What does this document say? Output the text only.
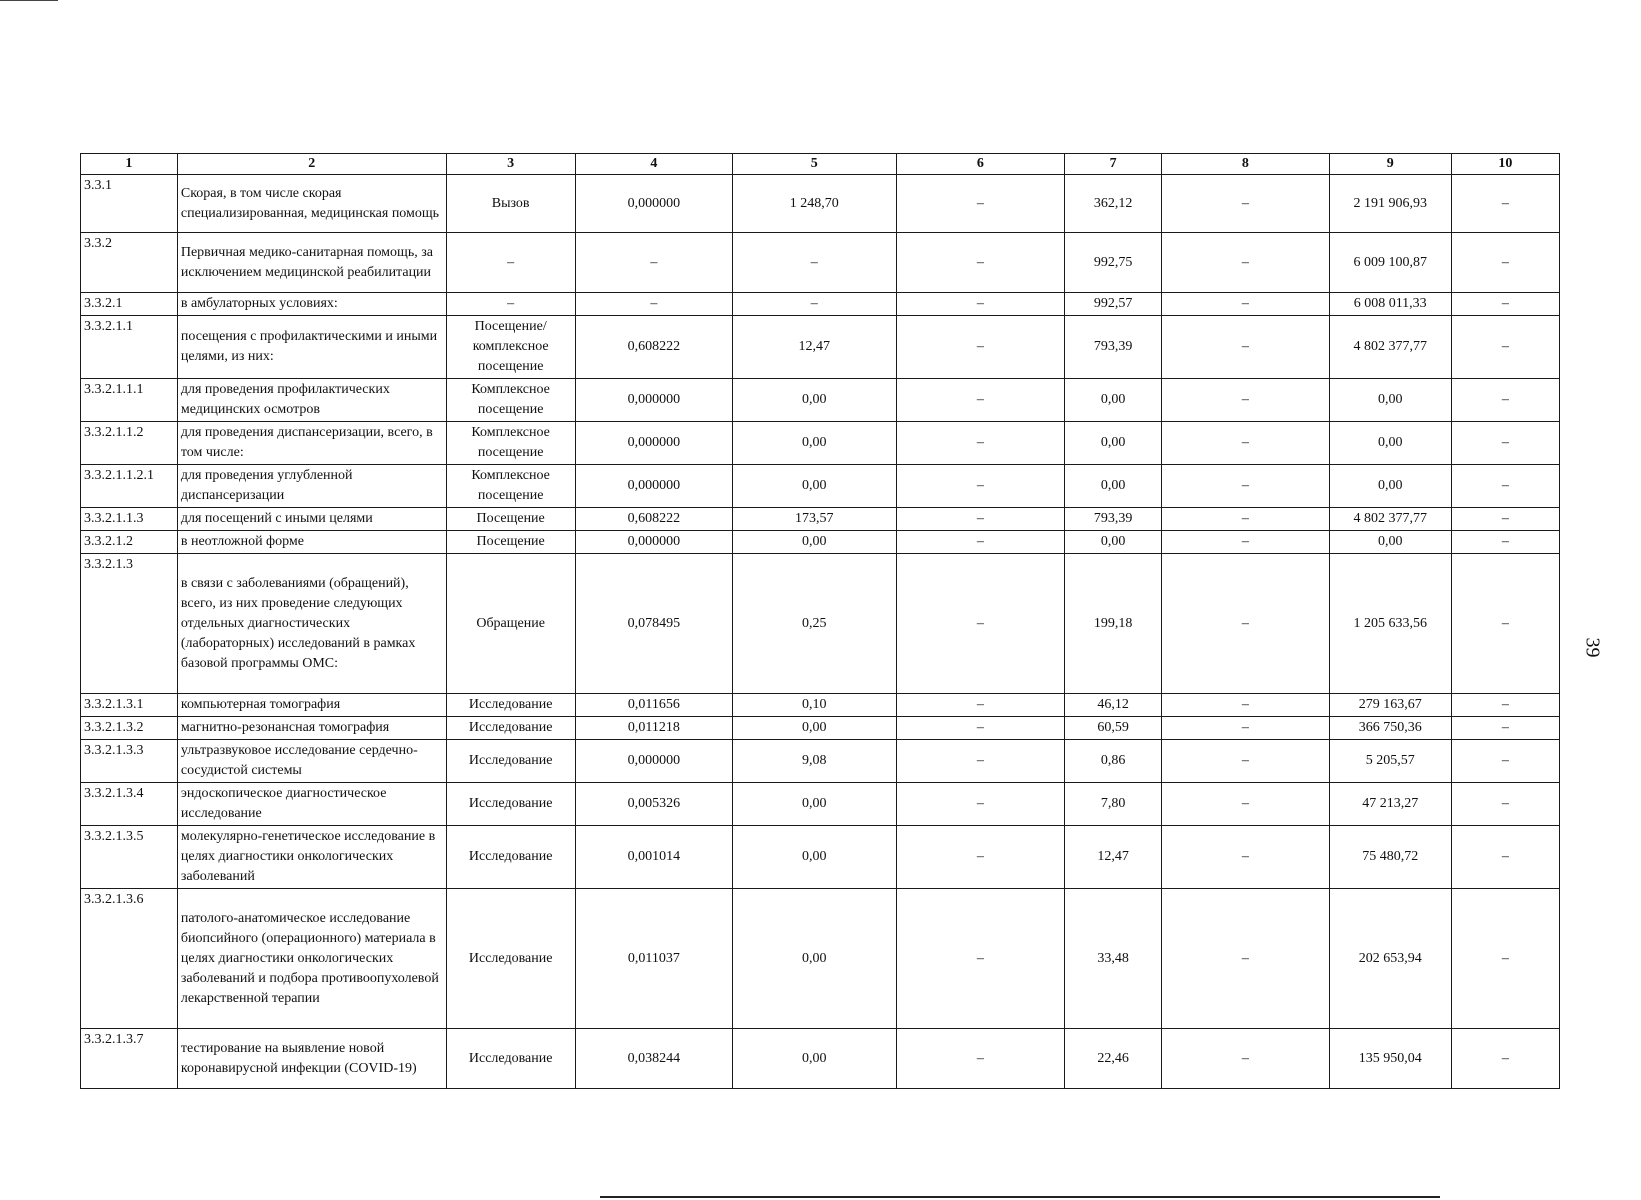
1	2	3	4	5	6	7	8	9	10
3.3.1	Скорая, в том числе скорая специализированная, медицинская помощь	Вызов	0,000000	1 248,70	–	362,12	–	2 191 906,93	–
3.3.2	Первичная медико-санитарная помощь, за исключением медицинской реабилитации	–	–	–	–	992,75	–	6 009 100,87	–
3.3.2.1	в амбулаторных условиях:	–	–	–	–	992,57	–	6 008 011,33	–
3.3.2.1.1	посещения с профилактическими и иными целями, из них:	Посещение/ комплексное посещение	0,608222	12,47	–	793,39	–	4 802 377,77	–
3.3.2.1.1.1	для проведения профилактических медицинских осмотров	Комплексное посещение	0,000000	0,00	–	0,00	–	0,00	–
3.3.2.1.1.2	для проведения диспансеризации, всего, в том числе:	Комплексное посещение	0,000000	0,00	–	0,00	–	0,00	–
3.3.2.1.1.2.1	для проведения углубленной диспансеризации	Комплексное посещение	0,000000	0,00	–	0,00	–	0,00	–
3.3.2.1.1.3	для посещений с иными целями	Посещение	0,608222	173,57	–	793,39	–	4 802 377,77	–
3.3.2.1.2	в неотложной форме	Посещение	0,000000	0,00	–	0,00	–	0,00	–
3.3.2.1.3	в связи с заболеваниями (обращений), всего, из них проведение следующих отдельных диагностических (лабораторных) исследований в рамках базовой программы ОМС:	Обращение	0,078495	0,25	–	199,18	–	1 205 633,56	–
3.3.2.1.3.1	компьютерная томография	Исследование	0,011656	0,10	–	46,12	–	279 163,67	–
3.3.2.1.3.2	магнитно-резонансная томография	Исследование	0,011218	0,00	–	60,59	–	366 750,36	–
3.3.2.1.3.3	ультразвуковое исследование сердечно-сосудистой системы	Исследование	0,000000	9,08	–	0,86	–	5 205,57	–
3.3.2.1.3.4	эндоскопическое диагностическое исследование	Исследование	0,005326	0,00	–	7,80	–	47 213,27	–
3.3.2.1.3.5	молекулярно-генетическое исследование в целях диагностики онкологических заболеваний	Исследование	0,001014	0,00	–	12,47	–	75 480,72	–
3.3.2.1.3.6	патолого-анатомическое исследование биопсийного (операционного) материала в целях диагностики онкологических заболеваний и подбора противоопухолевой лекарственной терапии	Исследование	0,011037	0,00	–	33,48	–	202 653,94	–
3.3.2.1.3.7	тестирование на выявление новой коронавирусной инфекции (COVID-19)	Исследование	0,038244	0,00	–	22,46	–	135 950,04	–
39
